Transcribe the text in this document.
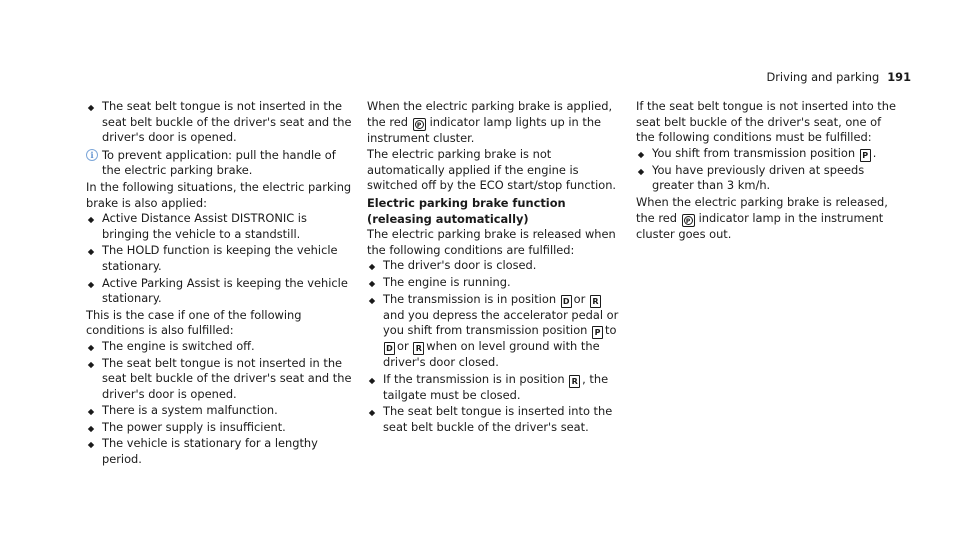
Driving and parking 191

The seat belt tongue is not inserted in the seat belt buckle of the driver's seat and the driver's door is opened.

i To prevent application: pull the handle of the electric parking brake.

In the following situations, the electric parking brake is also applied:

Active Distance Assist DISTRONIC is bringing the vehicle to a standstill.

The HOLD function is keeping the vehicle stationary.

Active Parking Assist is keeping the vehicle stationary.

This is the case if one of the following conditions is also fulfilled:

The engine is switched off.

The seat belt tongue is not inserted in the seat belt buckle of the driver's seat and the driver's door is opened.

There is a system malfunction.

The power supply is insufficient.

The vehicle is stationary for a lengthy period.

When the electric parking brake is applied, the red P indicator lamp lights up in the instrument cluster.

The electric parking brake is not automatically applied if the engine is switched off by the ECO start/stop function.

Electric parking brake function (releasing automatically)

The electric parking brake is released when the following conditions are fulfilled:

The driver's door is closed.

The engine is running.

The transmission is in position D or Rand you depress the accelerator pedal or you shift from transmission position P to D or R when on level ground with the driver's door closed.

If the transmission is in position R , the tailgate must be closed.

The seat belt tongue is inserted into the seat belt buckle of the driver's seat.

If the seat belt tongue is not inserted into the seat belt buckle of the driver's seat, one of the following conditions must be fulfilled:

You shift from transmission position P .

You have previously driven at speeds greater than 3 km/h.

When the electric parking brake is released, the red P indicator lamp in the instrument cluster goes out.
